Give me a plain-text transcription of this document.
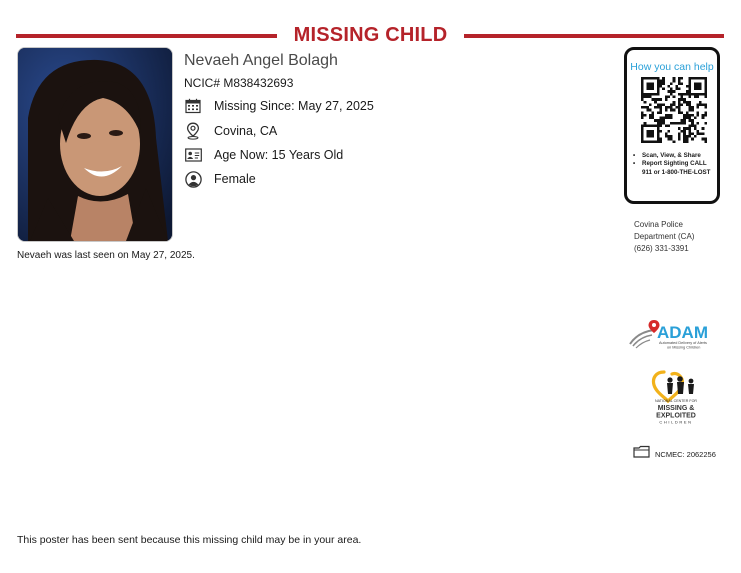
MISSING CHILD
Nevaeh Angel Bolagh
NCIC# M838432693
Missing Since: May 27, 2025
Covina, CA
Age Now: 15 Years Old
Female
Nevaeh was last seen on May 27, 2025.
How you can help
•	Scan, View, & Share
•	Report Sighting CALL 911 or 1-800-THE-LOST
Covina Police
Department (CA)
(626) 331-3391
ADAM
Automated Delivery of Alerts
on Missing Children
NATIONAL CENTER FOR
MISSING &
EXPLOITED
CHILDREN
NCMEC: 2062256
This poster has been sent because this missing child may be in your area.
